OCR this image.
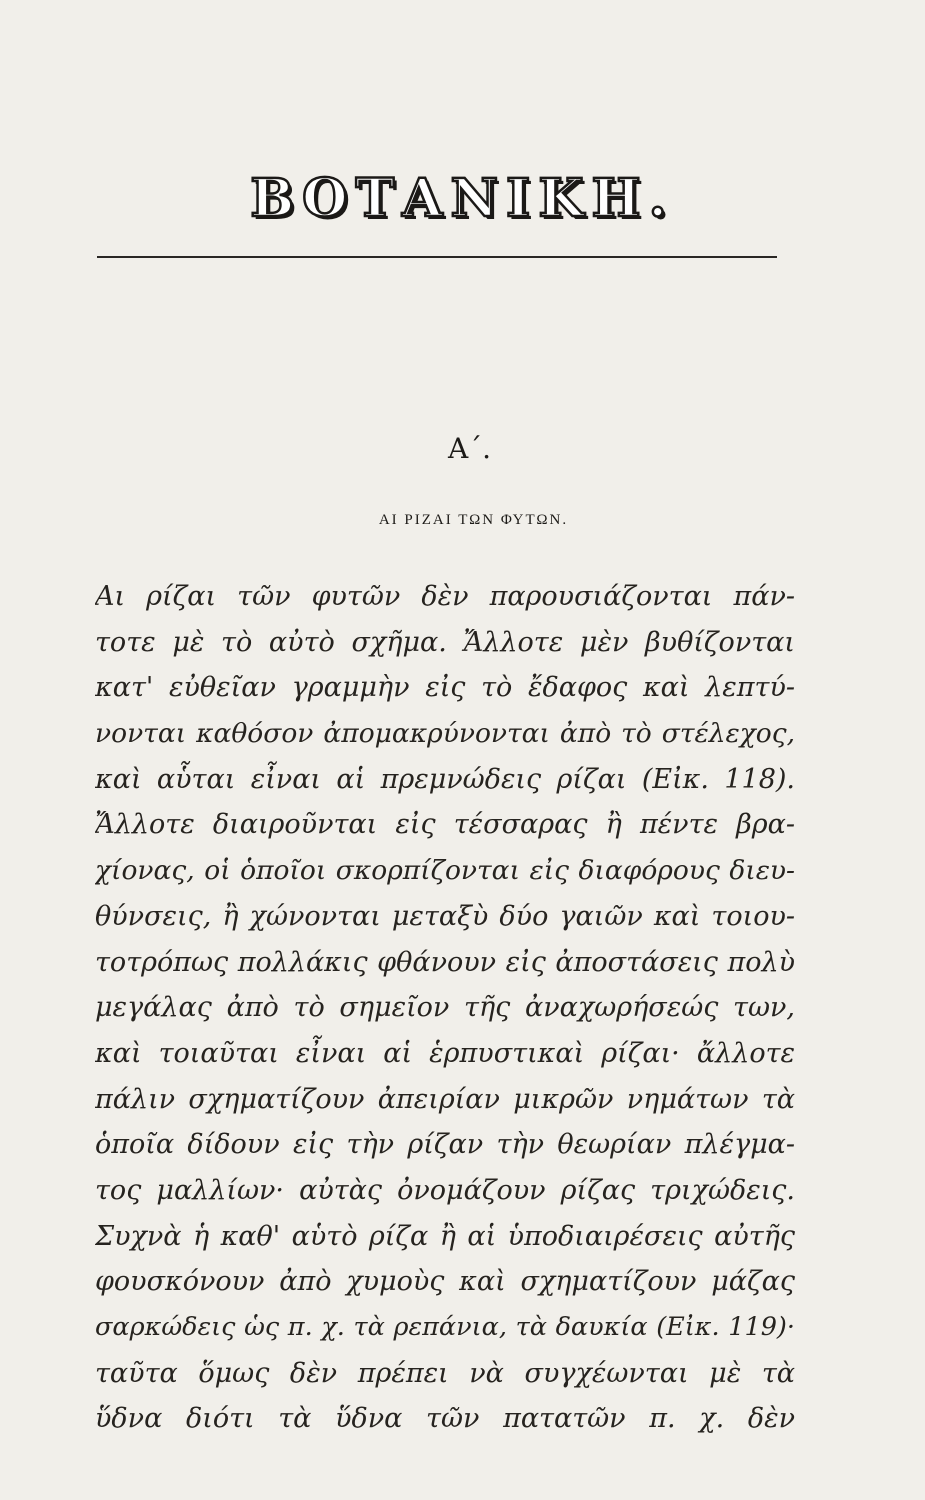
ΒΟΤΑΝΙΚΗ.
Α΄.
ΑΙ ΡΙΖΑΙ ΤΩΝ ΦΥΤΩΝ.
Αι ρίζαι τῶν φυτῶν δὲν παρουσιάζονται πάν-
τοτε μὲ τὸ αὐτὸ σχῆμα. Ἄλλοτε μὲν βυθίζονται
κατ' εὐθεῖαν γραμμὴν εἰς τὸ ἔδαφος καὶ λεπτύ-
νονται καθόσον ἀπομακρύνονται ἀπὸ τὸ στέλεχος,
καὶ αὗται εἶναι αἱ πρεμνώδεις ρίζαι (Εἰκ. 118).
Ἄλλοτε διαιροῦνται εἰς τέσσαρας ἢ πέντε βρα-
χίονας, οἱ ὁποῖοι σκορπίζονται εἰς διαφόρους διευ-
θύνσεις, ἢ χώνονται μεταξὺ δύο γαιῶν καὶ τοιου-
τοτρόπως πολλάκις φθάνουν εἰς ἀποστάσεις πολὺ
μεγάλας ἀπὸ τὸ σημεῖον τῆς ἀναχωρήσεώς των,
καὶ τοιαῦται εἶναι αἱ ἑρπυστικαὶ ρίζαι· ἄλλοτε
πάλιν σχηματίζουν ἀπειρίαν μικρῶν νημάτων τὰ
ὁποῖα δίδουν εἰς τὴν ρίζαν τὴν θεωρίαν πλέγμα-
τος μαλλίων· αὐτὰς ὀνομάζουν ρίζας τριχώδεις.
Συχνὰ ἡ καθ' αὑτὸ ρίζα ἢ αἱ ὑποδιαιρέσεις αὐτῆς
φουσκόνουν ἀπὸ χυμοὺς καὶ σχηματίζουν μάζας
σαρκώδεις ὡς π. χ. τὰ ρεπάνια, τὰ δαυκία (Εἰκ. 119)·
ταῦτα ὅμως δὲν πρέπει νὰ συγχέωνται μὲ τὰ
ὕδνα διότι τὰ ὕδνα τῶν πατατῶν π. χ. δὲν
